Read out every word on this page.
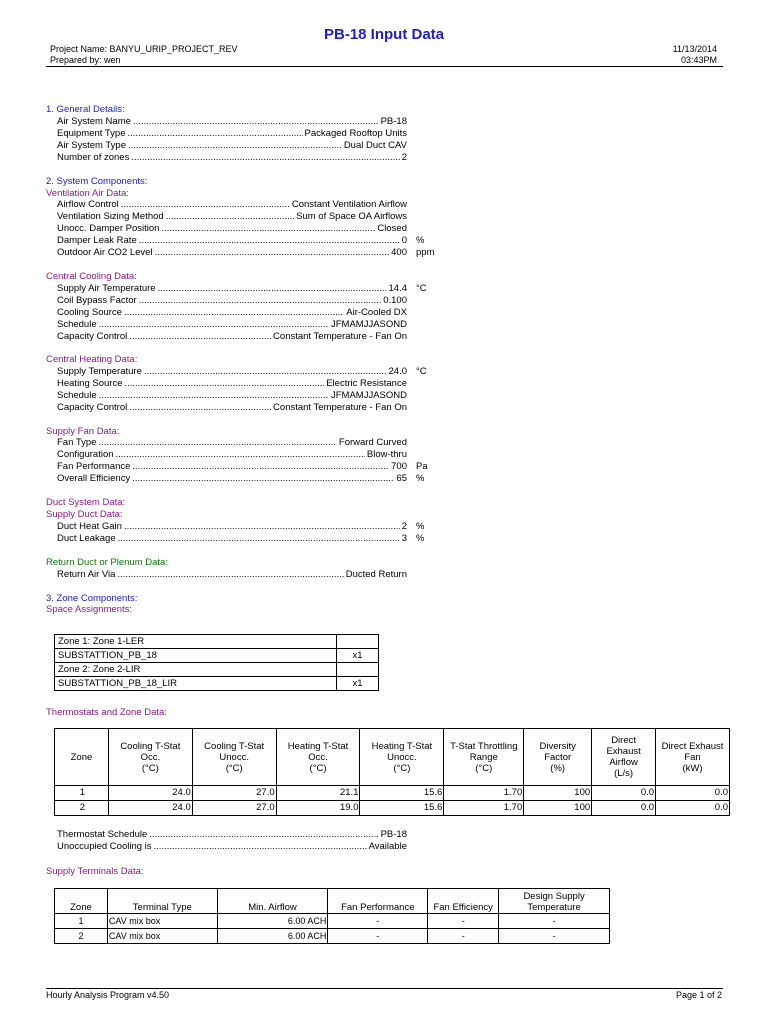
PB-18 Input Data
Project Name: BANYU_URIP_PROJECT_REV
Prepared by: wen
11/13/2014
03:43PM
1. General Details:
Air System Name .....	PB-18
Equipment Type .....	Packaged Rooftop Units
Air System Type .....	Dual Duct CAV
Number of zones .....	2
2. System Components:
Ventilation Air Data:
Airflow Control .....	Constant Ventilation Airflow
Ventilation Sizing Method .....	Sum of Space OA Airflows
Unocc. Damper Position .....	Closed
Damper Leak Rate .....	0 %
Outdoor Air CO2 Level .....	400 ppm
Central Cooling Data:
Supply Air Temperature .....	14.4 °C
Coil Bypass Factor .....	0.100
Cooling Source .....	Air-Cooled DX
Schedule .....	JFMAMJJASOND
Capacity Control .....	Constant Temperature - Fan On
Central Heating Data:
Supply Temperature .....	24.0 °C
Heating Source .....	Electric Resistance
Schedule .....	JFMAMJJASOND
Capacity Control .....	Constant Temperature - Fan On
Supply Fan Data:
Fan Type .....	Forward Curved
Configuration .....	Blow-thru
Fan Performance .....	700 Pa
Overall Efficiency .....	65 %
Duct System Data:
Supply Duct Data:
Duct Heat Gain .....	2 %
Duct Leakage .....	3 %
Return Duct or Plenum Data:
Return Air Via .....	Ducted Return
3. Zone Components:
Space Assignments:
Zone 1: Zone 1-LER	
SUBSTATTION_PB_18	x1
Zone 2: Zone 2-LIR	
SUBSTATTION_PB_18_LIR	x1
Thermostats and Zone Data:
Zone	Cooling T-Stat
Occ.
(°C)	Cooling T-Stat
Unocc.
(°C)	Heating T-Stat
Occ.
(°C)	Heating T-Stat
Unocc.
(°C)	T-Stat Throttling
Range
(°C)	Diversity
Factor
(%)	Direct
Exhaust
Airflow
(L/s)	Direct Exhaust
Fan
(kW)
1	24.0	27.0	21.1	15.6	1.70	100	0.0	0.0
2	24.0	27.0	19.0	15.6	1.70	100	0.0	0.0
Thermostat Schedule .....	PB-18
Unoccupied Cooling is .....	Available
Supply Terminals Data:
Zone	Terminal Type	Min. Airflow	Fan Performance	Fan Efficiency	Design Supply
Temperature
1	CAV mix box	6.00 ACH	-	-	-
2	CAV mix box	6.00 ACH	-	-	-
Hourly Analysis Program v4.50	Page 1 of 2
